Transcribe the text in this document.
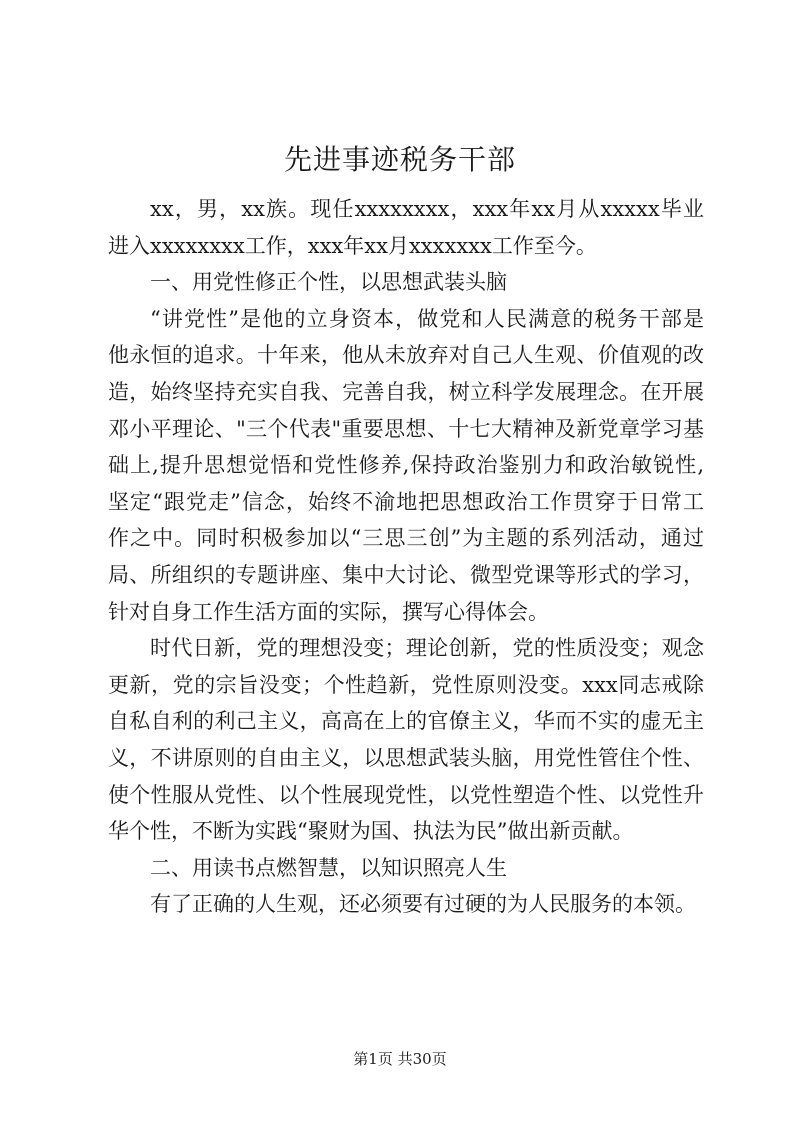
先进事迹税务干部
xx，男，xx族。现任xxxxxxxx，xxx年xx月从xxxxx毕业
进入xxxxxxxx工作，xxx年xx月xxxxxxx工作至今。
一、用党性修正个性，以思想武装头脑
“讲党性”是他的立身资本，做党和人民满意的税务干部是
他永恒的追求。十年来，他从未放弃对自己人生观、价值观的改
造，始终坚持充实自我、完善自我，树立科学发展理念。在开展
邓小平理论、"三个代表"重要思想、十七大精神及新党章学习基
础上,提升思想觉悟和党性修养,保持政治鉴别力和政治敏锐性,
坚定“跟党走”信念，始终不渝地把思想政治工作贯穿于日常工
作之中。同时积极参加以“三思三创”为主题的系列活动，通过
局、所组织的专题讲座、集中大讨论、微型党课等形式的学习，
针对自身工作生活方面的实际，撰写心得体会。
时代日新，党的理想没变；理论创新，党的性质没变；观念
更新，党的宗旨没变；个性趋新，党性原则没变。xxx同志戒除
自私自利的利己主义，高高在上的官僚主义，华而不实的虚无主
义，不讲原则的自由主义，以思想武装头脑，用党性管住个性、
使个性服从党性、以个性展现党性，以党性塑造个性、以党性升
华个性，不断为实践“聚财为国、执法为民”做出新贡献。
二、用读书点燃智慧，以知识照亮人生
有了正确的人生观，还必须要有过硬的为人民服务的本领。
第1页 共30页
